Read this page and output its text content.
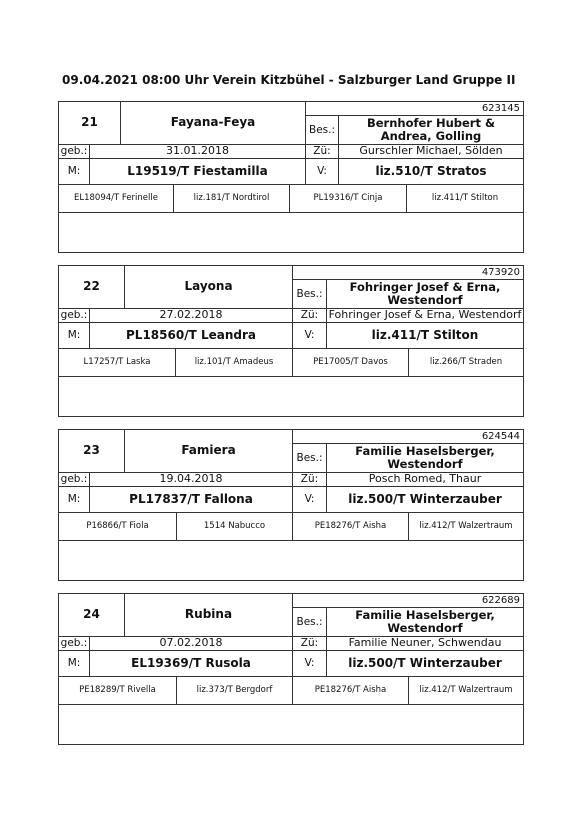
09.04.2021 08:00 Uhr Verein Kitzbühel - Salzburger Land Gruppe II
623145
21	Fayana-Feya
Bes.:
Bernhofer Hubert & Andrea, Golling
geb.:	31.01.2018	Zü:	Gurschler Michael, Sölden
M:	L19519/T Fiestamilla	V:	liz.510/T Stratos
EL18094/T Ferinelle	liz.181/T Nordtirol	PL19316/T Cinja	liz.411/T Stilton
473920
22	Layona
Bes.:
Fohringer Josef & Erna, Westendorf
geb.:	27.02.2018	Zü: Fohringer Josef & Erna, Westendorf
M:	PL18560/T Leandra	V:	liz.411/T Stilton
L17257/T Laska	liz.101/T Amadeus	PE17005/T Davos	liz.266/T Straden
624544
23	Famiera
Bes.:
Familie Haselsberger, Westendorf
geb.:	19.04.2018	Zü:	Posch Romed, Thaur
M:	PL17837/T Fallona	V:	liz.500/T Winterzauber
P16866/T Fiola	1514 Nabucco	PE18276/T Aisha	liz.412/T Walzertraum
622689
24	Rubina
Bes.:
Familie Haselsberger, Westendorf
geb.:	07.02.2018	Zü:	Familie Neuner, Schwendau
M:	EL19369/T Rusola	V:	liz.500/T Winterzauber
PE18289/T Rivella	liz.373/T Bergdorf	PE18276/T Aisha	liz.412/T Walzertraum
